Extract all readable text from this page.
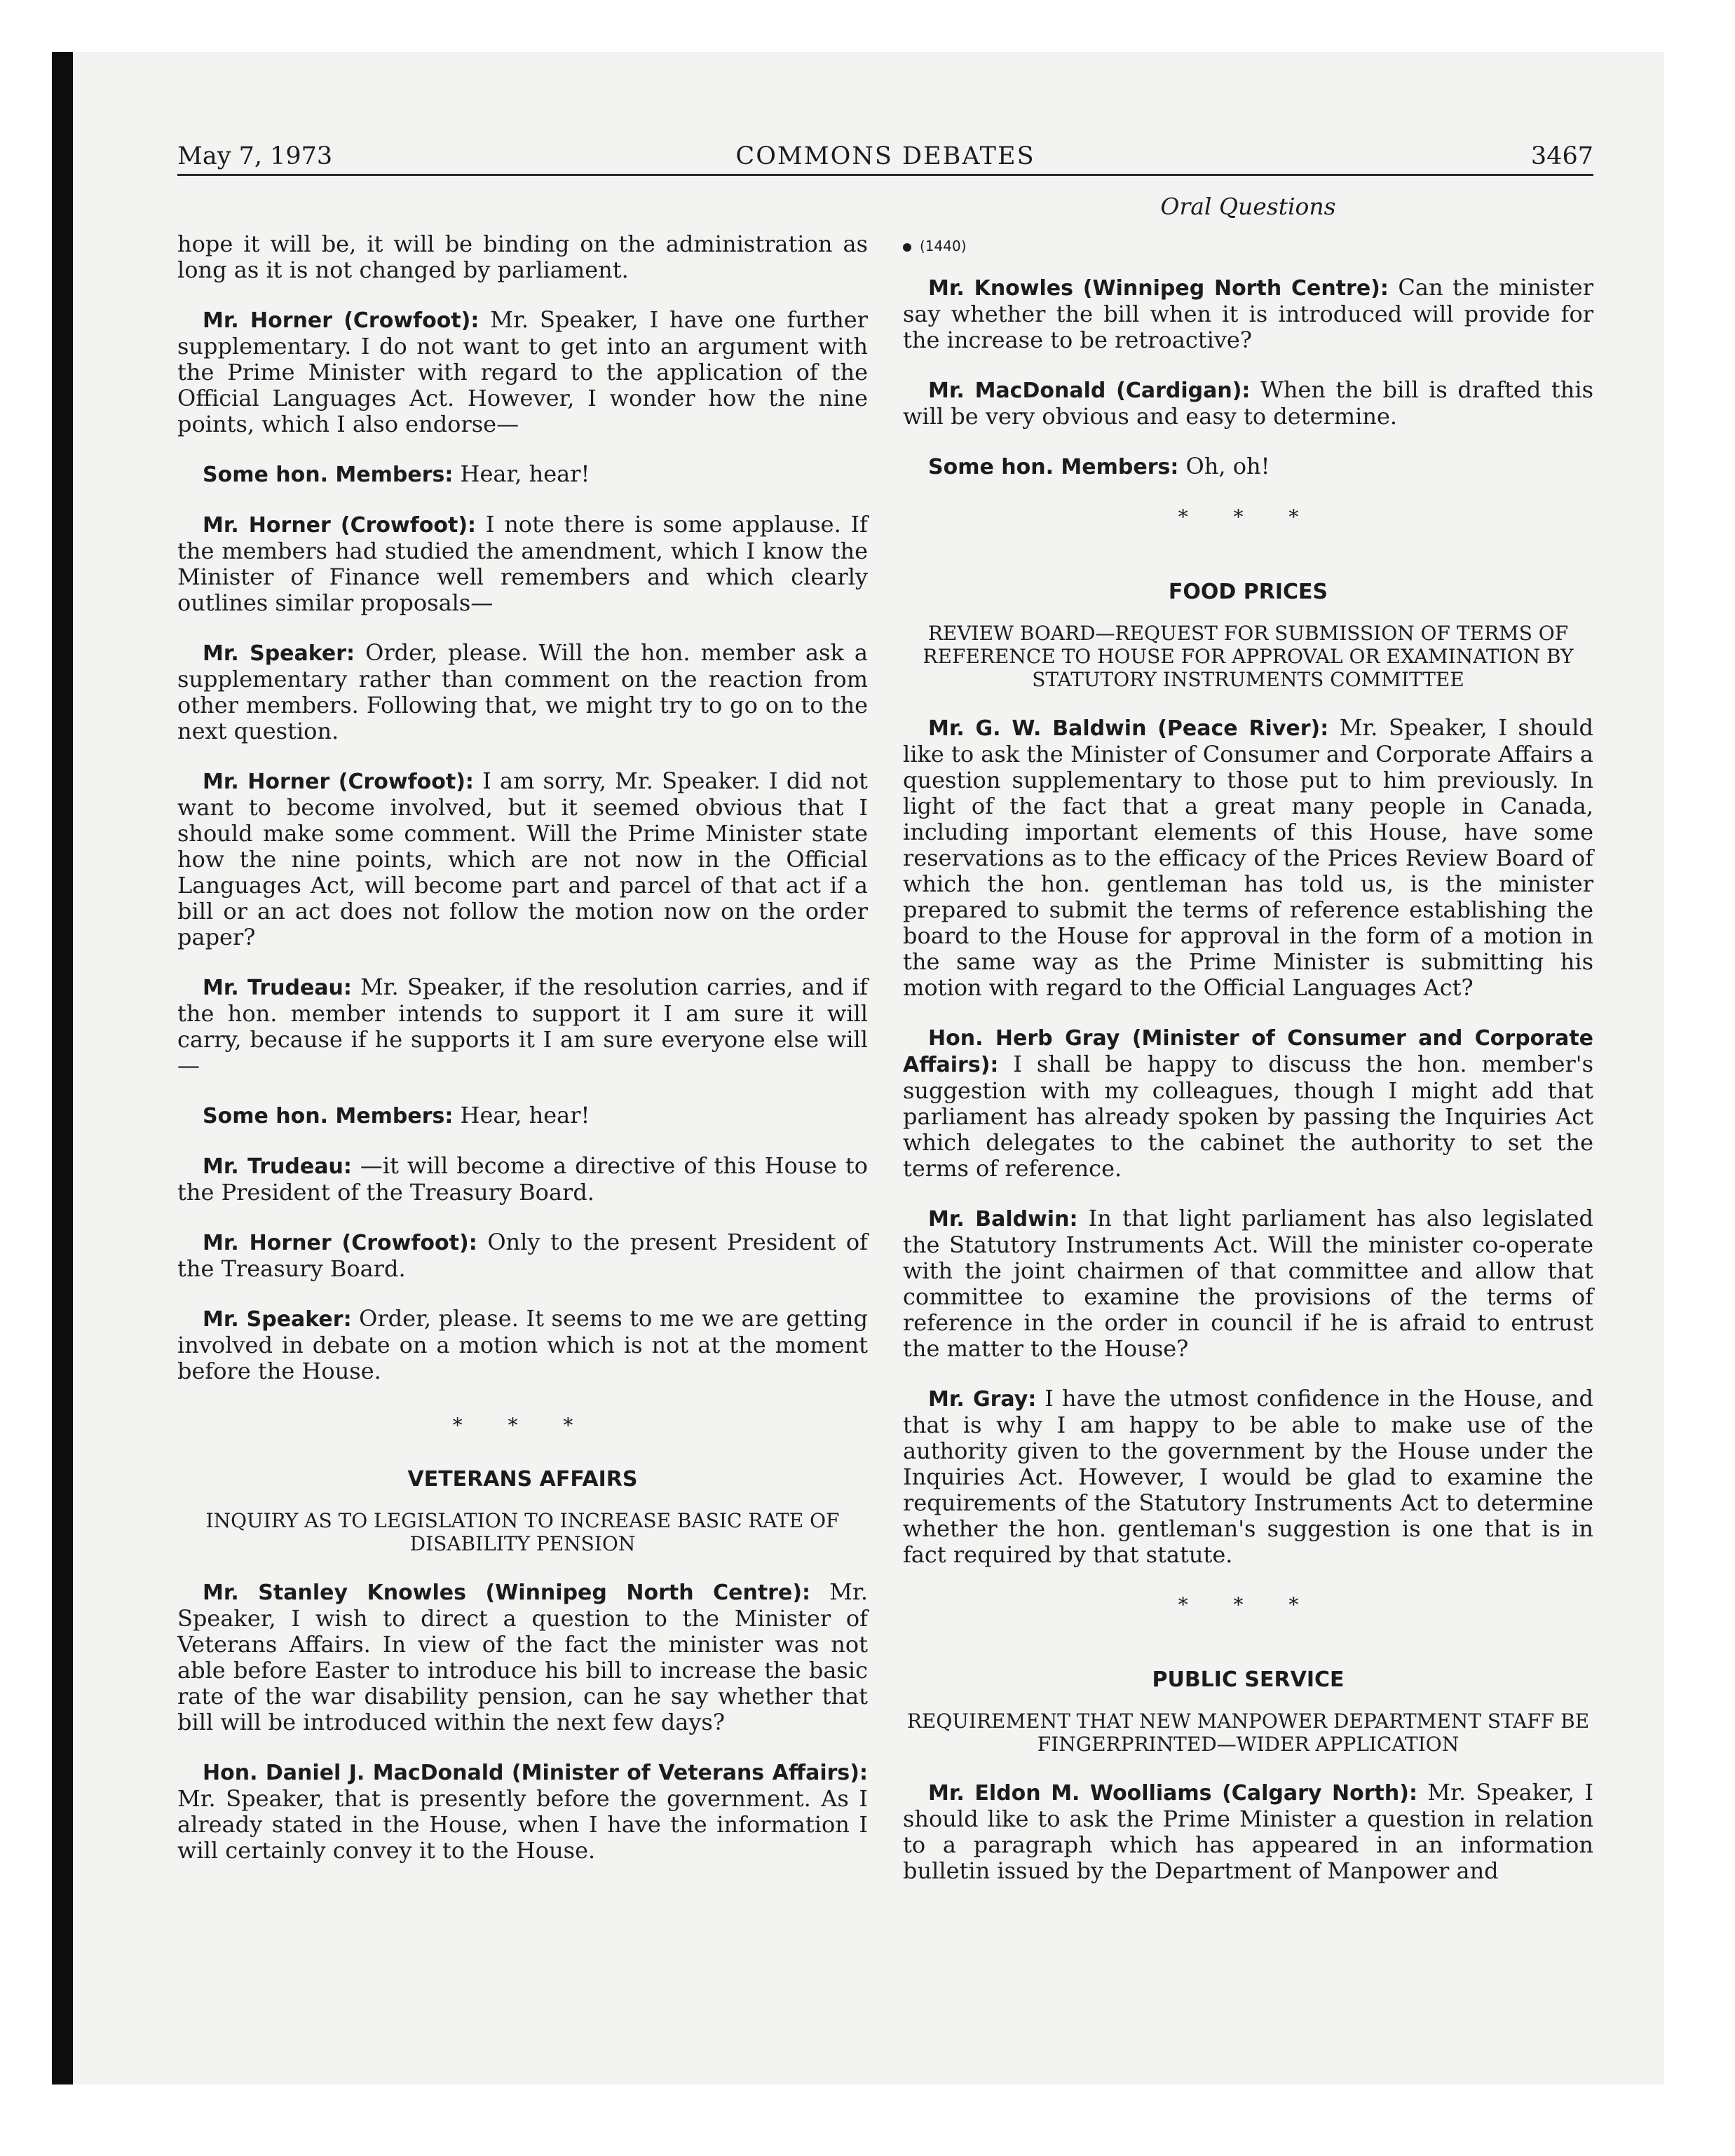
May 7, 1973	COMMONS DEBATES	3467

hope it will be, it will be binding on the administration as long as it is not changed by parliament.

Mr. Horner (Crowfoot): Mr. Speaker, I have one further supplementary. I do not want to get into an argument with the Prime Minister with regard to the application of the Official Languages Act. However, I wonder how the nine points, which I also endorse—

Some hon. Members: Hear, hear!

Mr. Horner (Crowfoot): I note there is some applause. If the members had studied the amendment, which I know the Minister of Finance well remembers and which clearly outlines similar proposals—

Mr. Speaker: Order, please. Will the hon. member ask a supplementary rather than comment on the reaction from other members. Following that, we might try to go on to the next question.

Mr. Horner (Crowfoot): I am sorry, Mr. Speaker. I did not want to become involved, but it seemed obvious that I should make some comment. Will the Prime Minister state how the nine points, which are not now in the Official Languages Act, will become part and parcel of that act if a bill or an act does not follow the motion now on the order paper?

Mr. Trudeau: Mr. Speaker, if the resolution carries, and if the hon. member intends to support it I am sure it will carry, because if he supports it I am sure everyone else will—

Some hon. Members: Hear, hear!

Mr. Trudeau: —it will become a directive of this House to the President of the Treasury Board.

Mr. Horner (Crowfoot): Only to the present President of the Treasury Board.

Mr. Speaker: Order, please. It seems to me we are getting involved in debate on a motion which is not at the moment before the House.

* * *
VETERANS AFFAIRS
INQUIRY AS TO LEGISLATION TO INCREASE BASIC RATE OF DISABILITY PENSION

Mr. Stanley Knowles (Winnipeg North Centre): Mr. Speaker, I wish to direct a question to the Minister of Veterans Affairs. In view of the fact the minister was not able before Easter to introduce his bill to increase the basic rate of the war disability pension, can he say whether that bill will be introduced within the next few days?

Hon. Daniel J. MacDonald (Minister of Veterans Affairs): Mr. Speaker, that is presently before the government. As I already stated in the House, when I have the information I will certainly convey it to the House.

Oral Questions
(1440)

Mr. Knowles (Winnipeg North Centre): Can the minister say whether the bill when it is introduced will provide for the increase to be retroactive?

Mr. MacDonald (Cardigan): When the bill is drafted this will be very obvious and easy to determine.

Some hon. Members: Oh, oh!

* * *
FOOD PRICES
REVIEW BOARD—REQUEST FOR SUBMISSION OF TERMS OF REFERENCE TO HOUSE FOR APPROVAL OR EXAMINATION BY STATUTORY INSTRUMENTS COMMITTEE

Mr. G. W. Baldwin (Peace River): Mr. Speaker, I should like to ask the Minister of Consumer and Corporate Affairs a question supplementary to those put to him previously. In light of the fact that a great many people in Canada, including important elements of this House, have some reservations as to the efficacy of the Prices Review Board of which the hon. gentleman has told us, is the minister prepared to submit the terms of reference establishing the board to the House for approval in the form of a motion in the same way as the Prime Minister is submitting his motion with regard to the Official Languages Act?

Hon. Herb Gray (Minister of Consumer and Corporate Affairs): I shall be happy to discuss the hon. member's suggestion with my colleagues, though I might add that parliament has already spoken by passing the Inquiries Act which delegates to the cabinet the authority to set the terms of reference.

Mr. Baldwin: In that light parliament has also legislated the Statutory Instruments Act. Will the minister co-operate with the joint chairmen of that committee and allow that committee to examine the provisions of the terms of reference in the order in council if he is afraid to entrust the matter to the House?

Mr. Gray: I have the utmost confidence in the House, and that is why I am happy to be able to make use of the authority given to the government by the House under the Inquiries Act. However, I would be glad to examine the requirements of the Statutory Instruments Act to determine whether the hon. gentleman's suggestion is one that is in fact required by that statute.

* * *
PUBLIC SERVICE
REQUIREMENT THAT NEW MANPOWER DEPARTMENT STAFF BE FINGERPRINTED—WIDER APPLICATION

Mr. Eldon M. Woolliams (Calgary North): Mr. Speaker, I should like to ask the Prime Minister a question in relation to a paragraph which has appeared in an information bulletin issued by the Department of Manpower and
